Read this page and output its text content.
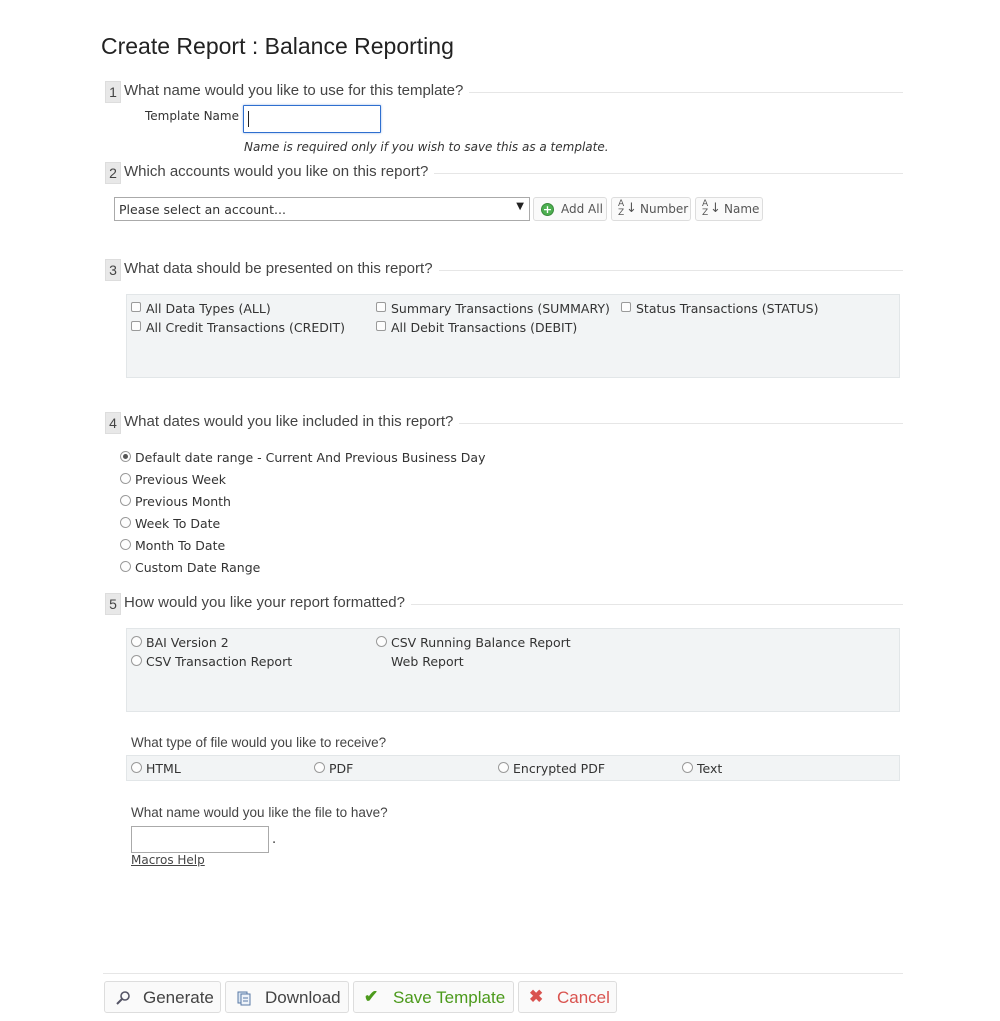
Create Report : Balance Reporting
1 What name would you like to use for this template?
Template Name
Name is required only if you wish to save this as a template.
2 Which accounts would you like on this report?
Please select an account...	▼ + Add All A
Z ↓ Number A
Z ↓ Name
3 What data should be presented on this report?
All Data Types (ALL)	Summary Transactions (SUMMARY) Status Transactions (STATUS)
All Credit Transactions (CREDIT)	All Debit Transactions (DEBIT)
4 What dates would you like included in this report?
Default date range - Current And Previous Business Day
Previous Week
Previous Month
Week To Date
Month To Date
Custom Date Range
5 How would you like your report formatted?
BAI Version 2	CSV Running Balance Report
CSV Transaction Report	Web Report
What type of file would you like to receive?
HTML	PDF	Encrypted PDF	Text
What name would you like the file to have?
.
Macros Help
Generate	Download ✔ Save Template ✖ Cancel
